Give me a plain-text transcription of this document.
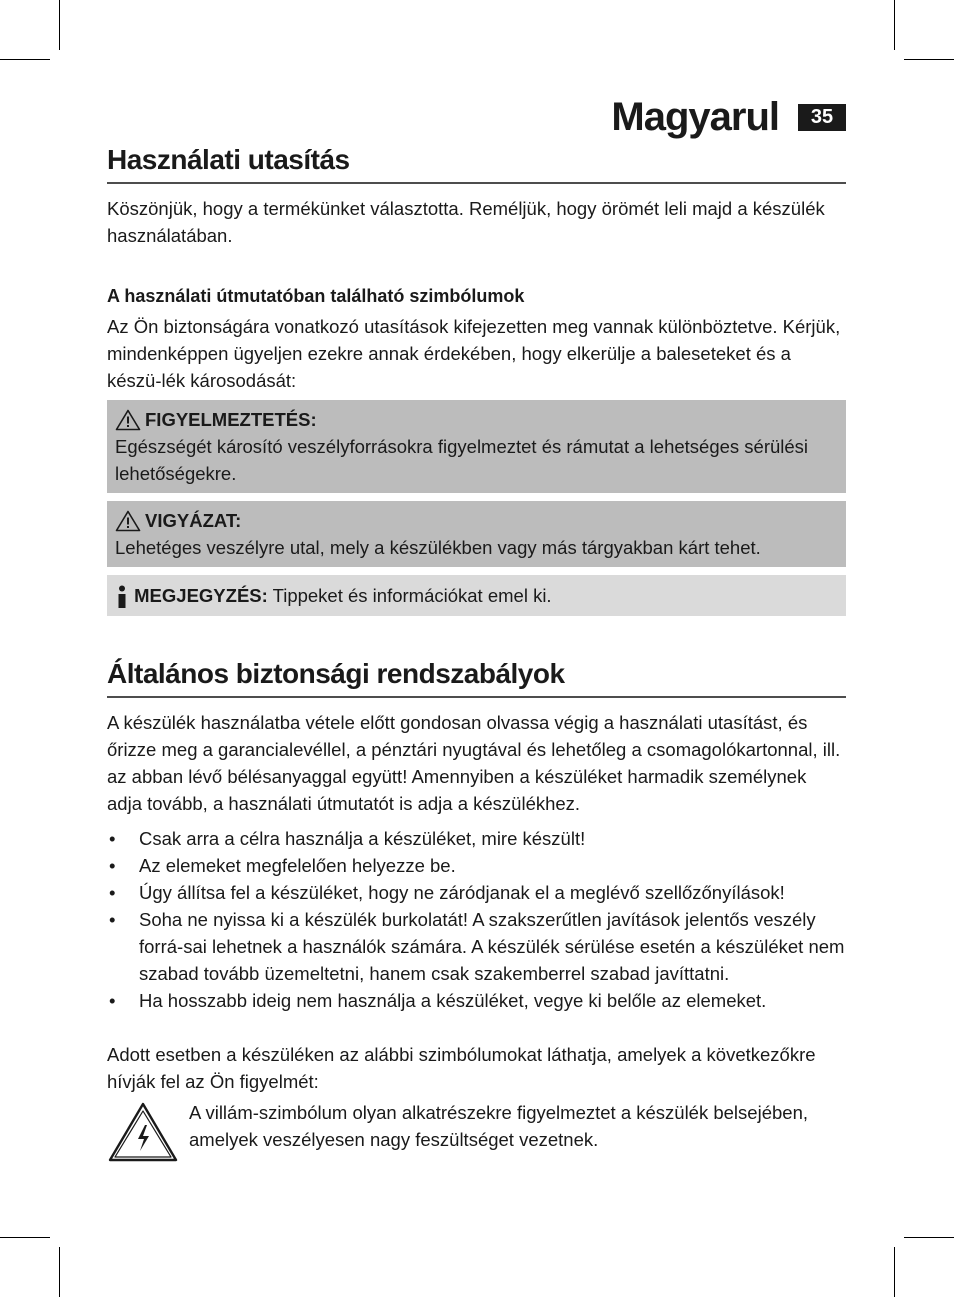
Magyarul	35
Használati utasítás

Köszönjük, hogy a termékünket választotta. Reméljük, hogy örömét leli majd a készülék használatában.

A használati útmutatóban található szimbólumok

Az Ön biztonságára vonatkozó utasítások kifejezetten meg vannak különböztetve. Kérjük, mindenképpen ügyeljen ezekre annak érdekében, hogy elkerülje a baleseteket és a készü-lék károsodását:

FIGYELMEZTETÉS:
Egészségét károsító veszélyforrásokra figyelmeztet és rámutat a lehetséges sérülési lehetőségekre.
VIGYÁZAT:
Lehetéges veszélyre utal, mely a készülékben vagy más tárgyakban kárt tehet.
MEGJEGYZÉS: Tippeket és információkat emel ki.
Általános biztonsági rendszabályok

A készülék használatba vétele előtt gondosan olvassa végig a használati utasítást, és őrizze meg a garancialevéllel, a pénztári nyugtával és lehetőleg a csomagolókartonnal, ill. az abban lévő bélésanyaggal együtt! Amennyiben a készüléket harmadik személynek adja tovább, a használati útmutatót is adja a készülékhez.

• Csak arra a célra használja a készüléket, mire készült!
• Az elemeket megfelelően helyezze be.
• Úgy állítsa fel a készüléket, hogy ne záródjanak el a meglévő szellőzőnyílások!
• Soha ne nyissa ki a készülék burkolatát! A szakszerűtlen javítások jelentős veszély forrá-sai lehetnek a használók számára. A készülék sérülése esetén a készüléket nem szabad tovább üzemeltetni, hanem csak szakemberrel szabad javíttatni.
• Ha hosszabb ideig nem használja a készüléket, vegye ki belőle az elemeket.

Adott esetben a készüléken az alábbi szimbólumokat láthatja, amelyek a következőkre hívják fel az Ön figyelmét:

A villám-szimbólum olyan alkatrészekre figyelmeztet a készülék belsejében, amelyek veszélyesen nagy feszültséget vezetnek.
